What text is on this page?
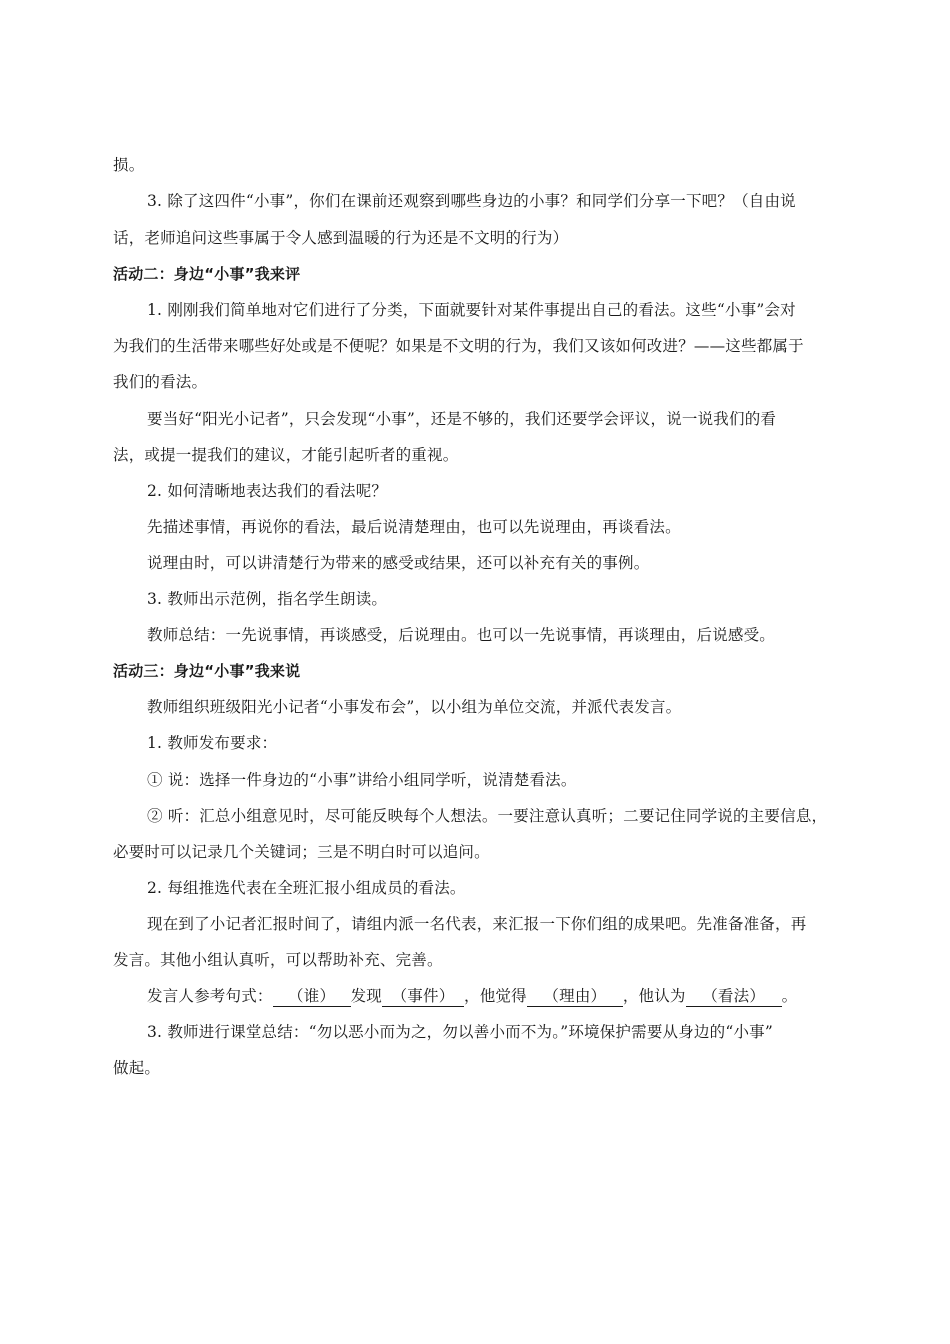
损。
3. 除了这四件“小事”，你们在课前还观察到哪些身边的小事？和同学们分享一下吧？（自由说
话，老师追问这些事属于令人感到温暖的行为还是不文明的行为）
活动二：身边“小事”我来评
1. 刚刚我们简单地对它们进行了分类，下面就要针对某件事提出自己的看法。这些“小事”会对
为我们的生活带来哪些好处或是不便呢？如果是不文明的行为，我们又该如何改进？——这些都属于
我们的看法。
要当好“阳光小记者”，只会发现“小事”，还是不够的，我们还要学会评议，说一说我们的看
法，或提一提我们的建议，才能引起听者的重视。
2. 如何清晰地表达我们的看法呢？
先描述事情，再说你的看法，最后说清楚理由，也可以先说理由，再谈看法。
说理由时，可以讲清楚行为带来的感受或结果，还可以补充有关的事例。
3. 教师出示范例，指名学生朗读。
教师总结：一先说事情，再谈感受，后说理由。也可以一先说事情，再谈理由，后说感受。
活动三：身边“小事”我来说
教师组织班级阳光小记者“小事发布会”，以小组为单位交流，并派代表发言。
1. 教师发布要求：
① 说：选择一件身边的“小事”讲给小组同学听，说清楚看法。
② 听：汇总小组意见时，尽可能反映每个人想法。一要注意认真听；二要记住同学说的主要信息，
必要时可以记录几个关键词；三是不明白时可以追问。
2. 每组推选代表在全班汇报小组成员的看法。
现在到了小记者汇报时间了，请组内派一名代表，来汇报一下你们组的成果吧。先准备准备，再
发言。其他小组认真听，可以帮助补充、完善。
发言人参考句式： （谁） 发现 （事件） ，他觉得 （理由） ，他认为 （看法） 。
3. 教师进行课堂总结：“勿以恶小而为之，勿以善小而不为。”环境保护需要从身边的“小事”
做起。
